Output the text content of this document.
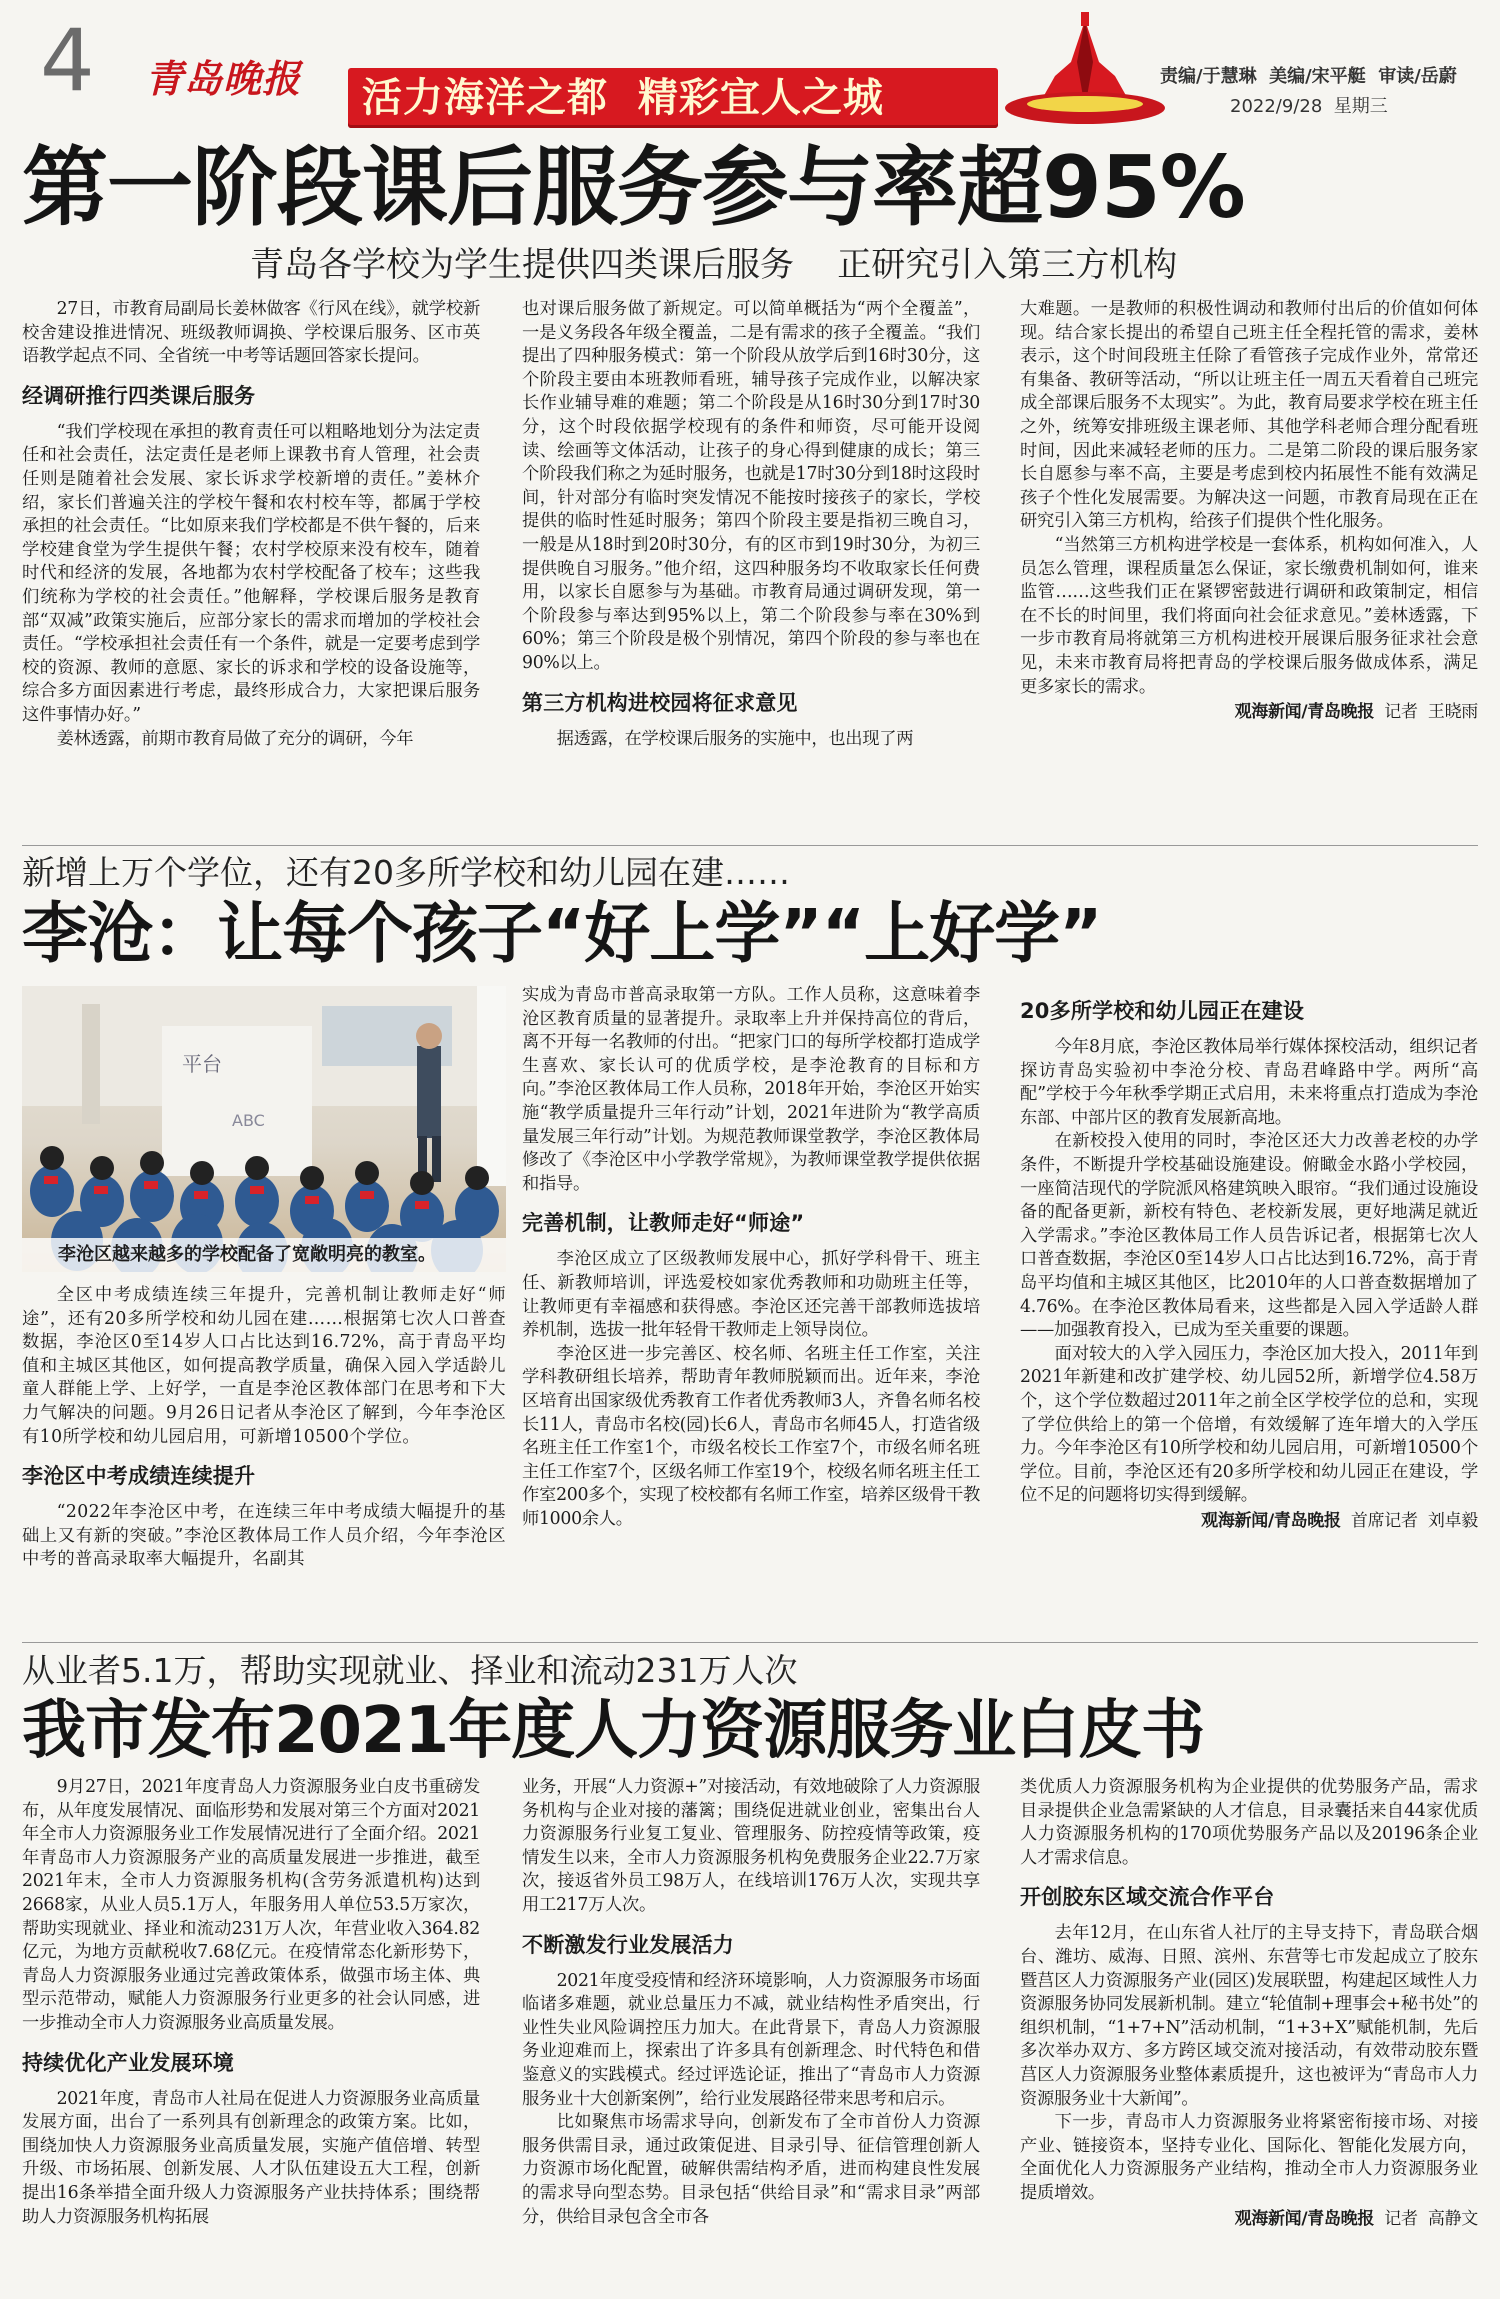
4 青岛晚报 活力海洋之都  精彩宜人之城	责编/于慧琳  美编/宋平艇  审读/岳蔚
2022/9/28  星期三
第一阶段课后服务参与率超95%
青岛各学校为学生提供四类课后服务    正研究引入第三方机构

27日，市教育局副局长姜林做客《行风在线》，就学校新校舍建设推进情况、班级教师调换、学校课后服务、区市英语教学起点不同、全省统一中考等话题回答家长提问。

经调研推行四类课后服务

“我们学校现在承担的教育责任可以粗略地划分为法定责任和社会责任，法定责任是老师上课教书育人管理，社会责任则是随着社会发展、家长诉求学校新增的责任。”姜林介绍，家长们普遍关注的学校午餐和农村校车等，都属于学校承担的社会责任。“比如原来我们学校都是不供午餐的，后来学校建食堂为学生提供午餐；农村学校原来没有校车，随着时代和经济的发展，各地都为农村学校配备了校车；这些我们统称为学校的社会责任。”他解释，学校课后服务是教育部“双减”政策实施后，应部分家长的需求而增加的学校社会责任。“学校承担社会责任有一个条件，就是一定要考虑到学校的资源、教师的意愿、家长的诉求和学校的设备设施等，综合多方面因素进行考虑，最终形成合力，大家把课后服务这件事情办好。”

姜林透露，前期市教育局做了充分的调研，今年

也对课后服务做了新规定。可以简单概括为“两个全覆盖”，一是义务段各年级全覆盖，二是有需求的孩子全覆盖。“我们提出了四种服务模式：第一个阶段从放学后到16时30分，这个阶段主要由本班教师看班，辅导孩子完成作业，以解决家长作业辅导难的难题；第二个阶段是从16时30分到17时30分，这个时段依据学校现有的条件和师资，尽可能开设阅读、绘画等文体活动，让孩子的身心得到健康的成长；第三个阶段我们称之为延时服务，也就是17时30分到18时这段时间，针对部分有临时突发情况不能按时接孩子的家长，学校提供的临时性延时服务；第四个阶段主要是指初三晚自习，一般是从18时到20时30分，有的区市到19时30分，为初三提供晚自习服务。”他介绍，这四种服务均不收取家长任何费用，以家长自愿参与为基础。市教育局通过调研发现，第一个阶段参与率达到95%以上，第二个阶段参与率在30%到60%；第三个阶段是极个别情况，第四个阶段的参与率也在90%以上。

第三方机构进校园将征求意见

据透露，在学校课后服务的实施中，也出现了两

大难题。一是教师的积极性调动和教师付出后的价值如何体现。结合家长提出的希望自己班主任全程托管的需求，姜林表示，这个时间段班主任除了看管孩子完成作业外，常常还有集备、教研等活动，“所以让班主任一周五天看着自己班完成全部课后服务不太现实”。为此，教育局要求学校在班主任之外，统筹安排班级主课老师、其他学科老师合理分配看班时间，因此来减轻老师的压力。二是第二阶段的课后服务家长自愿参与率不高，主要是考虑到校内拓展性不能有效满足孩子个性化发展需要。为解决这一问题，市教育局现在正在研究引入第三方机构，给孩子们提供个性化服务。

“当然第三方机构进学校是一套体系，机构如何准入，人员怎么管理，课程质量怎么保证，家长缴费机制如何，谁来监管……这些我们正在紧锣密鼓进行调研和政策制定，相信在不长的时间里，我们将面向社会征求意见。”姜林透露，下一步市教育局将就第三方机构进校开展课后服务征求社会意见，未来市教育局将把青岛的学校课后服务做成体系，满足更多家长的需求。

观海新闻/青岛晚报  记者  王晓雨
新增上万个学位，还有20多所学校和幼儿园在建……
李沧：让每个孩子“好上学”“上好学”
平台
ABC
李沧区越来越多的学校配备了宽敞明亮的教室。

全区中考成绩连续三年提升，完善机制让教师走好“师途”，还有20多所学校和幼儿园在建……根据第七次人口普查数据，李沧区0至14岁人口占比达到16.72%，高于青岛平均值和主城区其他区，如何提高教学质量，确保入园入学适龄儿童人群能上学、上好学，一直是李沧区教体部门在思考和下大力气解决的问题。9月26日记者从李沧区了解到，今年李沧区有10所学校和幼儿园启用，可新增10500个学位。

李沧区中考成绩连续提升

“2022年李沧区中考，在连续三年中考成绩大幅提升的基础上又有新的突破。”李沧区教体局工作人员介绍，今年李沧区中考的普高录取率大幅提升，名副其

实成为青岛市普高录取第一方队。工作人员称，这意味着李沧区教育质量的显著提升。录取率上升并保持高位的背后，离不开每一名教师的付出。“把家门口的每所学校都打造成学生喜欢、家长认可的优质学校，是李沧教育的目标和方向。”李沧区教体局工作人员称，2018年开始，李沧区开始实施“教学质量提升三年行动”计划，2021年进阶为“教学高质量发展三年行动”计划。为规范教师课堂教学，李沧区教体局修改了《李沧区中小学教学常规》，为教师课堂教学提供依据和指导。

完善机制，让教师走好“师途”

李沧区成立了区级教师发展中心，抓好学科骨干、班主任、新教师培训，评选爱校如家优秀教师和功勋班主任等，让教师更有幸福感和获得感。李沧区还完善干部教师选拔培养机制，选拔一批年轻骨干教师走上领导岗位。

李沧区进一步完善区、校名师、名班主任工作室，关注学科教研组长培养，帮助青年教师脱颖而出。近年来，李沧区培育出国家级优秀教育工作者优秀教师3人，齐鲁名师名校长11人，青岛市名校(园)长6人，青岛市名师45人，打造省级名班主任工作室1个，市级名校长工作室7个，市级名师名班主任工作室7个，区级名师工作室19个，校级名师名班主任工作室200多个，实现了校校都有名师工作室，培养区级骨干教师1000余人。

20多所学校和幼儿园正在建设

今年8月底，李沧区教体局举行媒体探校活动，组织记者探访青岛实验初中李沧分校、青岛君峰路中学。两所“高配”学校于今年秋季学期正式启用，未来将重点打造成为李沧东部、中部片区的教育发展新高地。

在新校投入使用的同时，李沧区还大力改善老校的办学条件，不断提升学校基础设施建设。俯瞰金水路小学校园，一座简洁现代的学院派风格建筑映入眼帘。“我们通过设施设备的配备更新，新校有特色、老校新发展，更好地满足就近入学需求。”李沧区教体局工作人员告诉记者，根据第七次人口普查数据，李沧区0至14岁人口占比达到16.72%，高于青岛平均值和主城区其他区，比2010年的人口普查数据增加了4.76%。在李沧区教体局看来，这些都是入园入学适龄人群——加强教育投入，已成为至关重要的课题。

面对较大的入学入园压力，李沧区加大投入，2011年到2021年新建和改扩建学校、幼儿园52所，新增学位4.58万个，这个学位数超过2011年之前全区学校学位的总和，实现了学位供给上的第一个倍增，有效缓解了连年增大的入学压力。今年李沧区有10所学校和幼儿园启用，可新增10500个学位。目前，李沧区还有20多所学校和幼儿园正在建设，学位不足的问题将切实得到缓解。

观海新闻/青岛晚报  首席记者  刘卓毅
从业者5.1万，帮助实现就业、择业和流动231万人次
我市发布2021年度人力资源服务业白皮书

9月27日，2021年度青岛人力资源服务业白皮书重磅发布，从年度发展情况、面临形势和发展对第三个方面对2021年全市人力资源服务业工作发展情况进行了全面介绍。2021年青岛市人力资源服务产业的高质量发展进一步推进，截至2021年末，全市人力资源服务机构(含劳务派遣机构)达到2668家，从业人员5.1万人，年服务用人单位53.5万家次，帮助实现就业、择业和流动231万人次，年营业收入364.82亿元，为地方贡献税收7.68亿元。在疫情常态化新形势下，青岛人力资源服务业通过完善政策体系，做强市场主体、典型示范带动，赋能人力资源服务行业更多的社会认同感，进一步推动全市人力资源服务业高质量发展。

持续优化产业发展环境

2021年度，青岛市人社局在促进人力资源服务业高质量发展方面，出台了一系列具有创新理念的政策方案。比如，围绕加快人力资源服务业高质量发展，实施产值倍增、转型升级、市场拓展、创新发展、人才队伍建设五大工程，创新提出16条举措全面升级人力资源服务产业扶持体系；围绕帮助人力资源服务机构拓展

业务，开展“人力资源+”对接活动，有效地破除了人力资源服务机构与企业对接的藩篱；围绕促进就业创业，密集出台人力资源服务行业复工复业、管理服务、防控疫情等政策，疫情发生以来，全市人力资源服务机构免费服务企业22.7万家次，接返省外员工98万人，在线培训176万人次，实现共享用工217万人次。

不断激发行业发展活力

2021年度受疫情和经济环境影响，人力资源服务市场面临诸多难题，就业总量压力不减，就业结构性矛盾突出，行业性失业风险调控压力加大。在此背景下，青岛人力资源服务业迎难而上，探索出了许多具有创新理念、时代特色和借鉴意义的实践模式。经过评选论证，推出了“青岛市人力资源服务业十大创新案例”，给行业发展路径带来思考和启示。

比如聚焦市场需求导向，创新发布了全市首份人力资源服务供需目录，通过政策促进、目录引导、征信管理创新人力资源市场化配置，破解供需结构矛盾，进而构建良性发展的需求导向型态势。目录包括“供给目录”和“需求目录”两部分，供给目录包含全市各

类优质人力资源服务机构为企业提供的优势服务产品，需求目录提供企业急需紧缺的人才信息，目录囊括来自44家优质人力资源服务机构的170项优势服务产品以及20196条企业人才需求信息。

开创胶东区域交流合作平台

去年12月，在山东省人社厅的主导支持下，青岛联合烟台、潍坊、威海、日照、滨州、东营等七市发起成立了胶东暨莒区人力资源服务产业(园区)发展联盟，构建起区域性人力资源服务协同发展新机制。建立“轮值制+理事会+秘书处”的组织机制，“1+7+N”活动机制，“1+3+X”赋能机制，先后多次举办双方、多方跨区域交流对接活动，有效带动胶东暨莒区人力资源服务业整体素质提升，这也被评为“青岛市人力资源服务业十大新闻”。

下一步，青岛市人力资源服务业将紧密衔接市场、对接产业、链接资本，坚持专业化、国际化、智能化发展方向，全面优化人力资源服务产业结构，推动全市人力资源服务业提质增效。

观海新闻/青岛晚报  记者  高静文
